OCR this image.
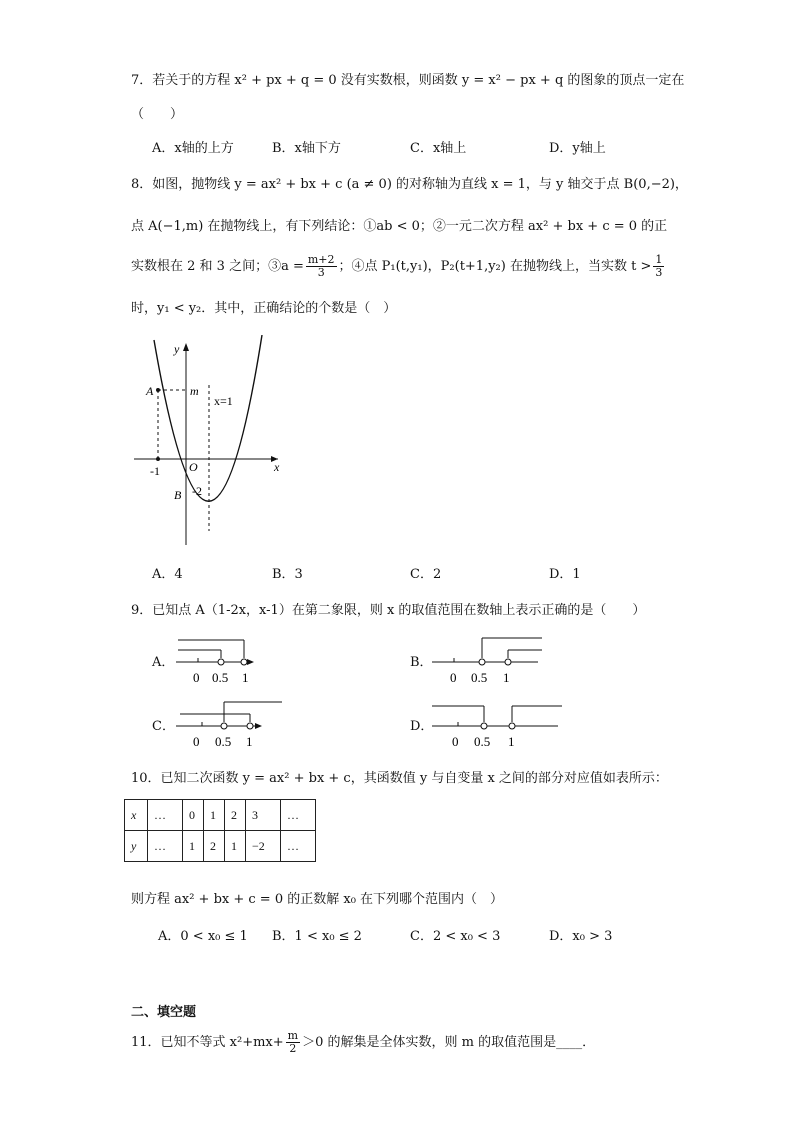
7．若关于的方程 x² + px + q = 0 没有实数根，则函数 y = x² − px + q 的图象的顶点一定在
（　　）
A．x轴的上方	B．x轴下方	C．x轴上	D．y轴上
8．如图，抛物线 y = ax² + bx + c (a ≠ 0) 的对称轴为直线 x = 1，与 y 轴交于点 B(0,−2)，
点 A(−1,m) 在抛物线上，有下列结论：①ab < 0；②一元二次方程 ax² + bx + c = 0 的正
实数根在 2 和 3 之间；③a = $\frac{m+2}{3}$ ；④点 P₁(t,y₁)，P₂(t+1,y₂) 在抛物线上，当实数 $t > \frac{1}{3}$
时，y₁ < y₂．其中，正确结论的个数是（　）
y
x
m
x=1
A
B
O
-1
-2
A．4	B．3	C．2	D．1
9．已知点 A（1-2x，x-1）在第二象限，则 x 的取值范围在数轴上表示正确的是（　　）
A．
0 0.5 1
B．
0 0.5 1
C．
0 0.5 1
D．
0 0.5 1
10．已知二次函数 y = ax² + bx + c，其函数值 y 与自变量 x 之间的部分对应值如表所示：
x	…	0	1	2	3	…
y	…	1	2	1	−2	…
则方程 ax² + bx + c = 0 的正数解 x₀ 在下列哪个范围内（　）
A．0 < x₀ ≤ 1 B．1 < x₀ ≤ 2	C．2 < x₀ < 3	D．x₀ > 3
二、填空题
11．已知不等式 $x^2+mx+ \frac{m}{2} >0$ 的解集是全体实数，则 m 的取值范围是____．
